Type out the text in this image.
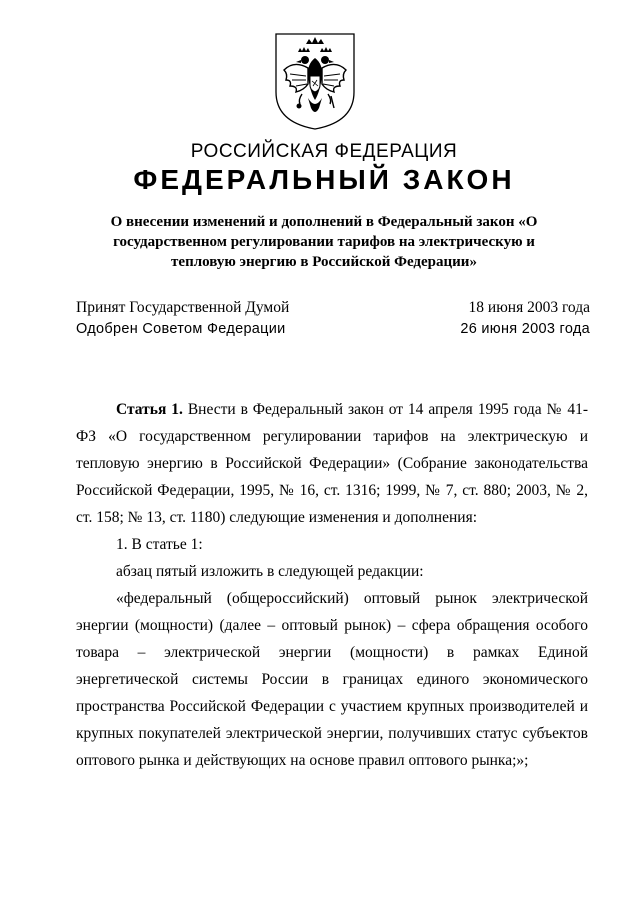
РОССИЙСКАЯ ФЕДЕРАЦИЯ
ФЕДЕРАЛЬНЫЙ ЗАКОН

О внесении изменений и дополнений в Федеральный закон «О

государственном регулировании тарифов на электрическую и

тепловую энергию в Российской Федерации»

Принят Государственной Думой	18 июня 2003 года
Одобрен Советом Федерации	26 июня 2003 года

Статья 1. Внести в Федеральный закон от 14 апреля 1995 года № 41-ФЗ «О государственном регулировании тарифов на электрическую и тепловую энергию в Российской Федерации» (Собрание законодательства Российской Федерации, 1995, № 16, ст. 1316; 1999, № 7, ст. 880; 2003, № 2, ст. 158; № 13, ст. 1180) следующие изменения и дополнения:

1. В статье 1:

абзац пятый изложить в следующей редакции:

«федеральный (общероссийский) оптовый рынок электрической энергии (мощности) (далее – оптовый рынок) – сфера обращения особого товара – электрической энергии (мощности) в рамках Единой энергетической системы России в границах единого экономического пространства Российской Федерации с участием крупных производителей и крупных покупателей электрической энергии, получивших статус субъектов оптового рынка и действующих на основе правил оптового рынка;»;
